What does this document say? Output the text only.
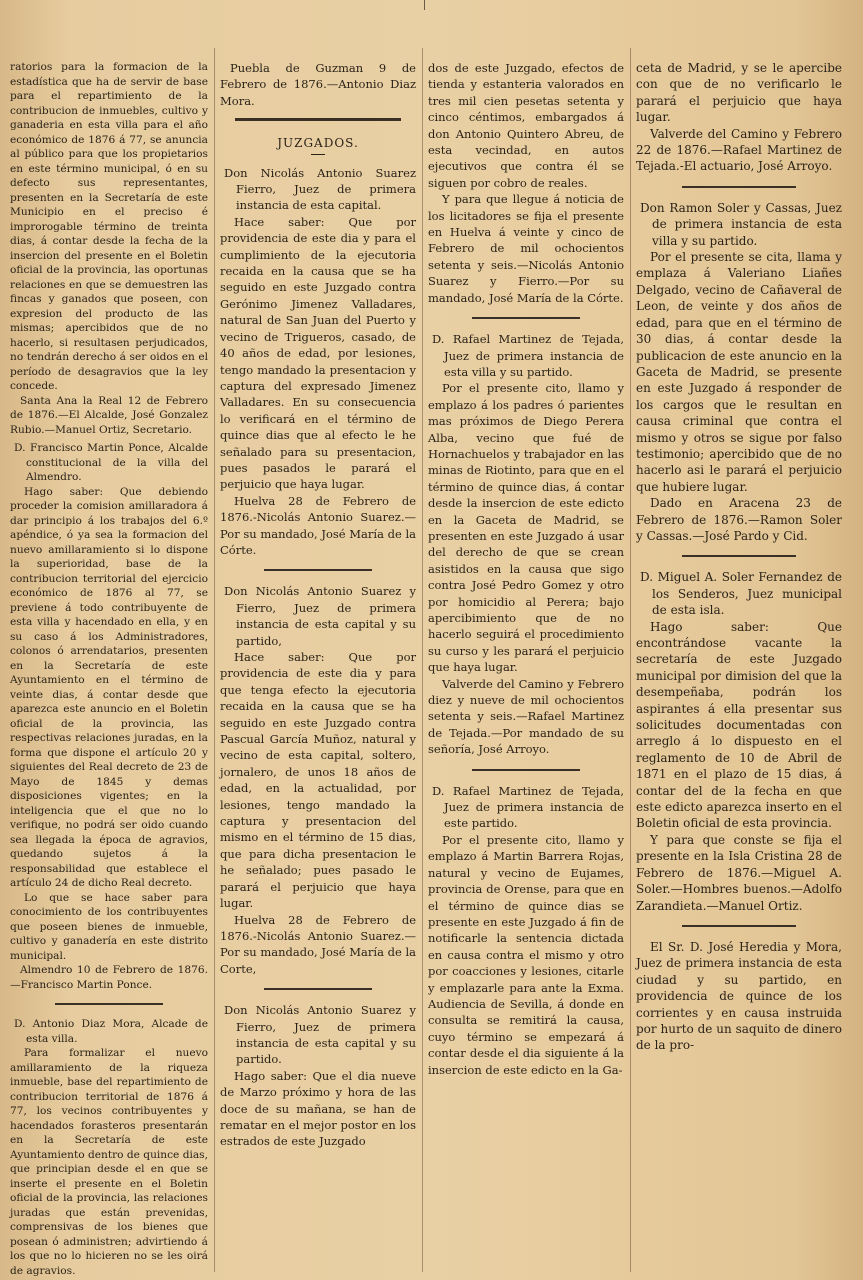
ratorios para la formacion de la estadística que ha de servir de base para el repartimiento de la contribucion de inmuebles, cultivo y ganaderia en esta villa para el año económico de 1876 á 77, se anuncia al público para que los propietarios en este término municipal, ó en su defecto sus representantes, presenten en la Secretaría de este Municipio en el preciso é improrogable término de treinta dias, á contar desde la fecha de la insercion del presente en el Boletin oficial de la provincia, las oportunas relaciones en que se demuestren las fincas y ganados que poseen, con expresion del producto de las mismas; apercibidos que de no hacerlo, si resultasen perjudicados, no tendrán derecho á ser oidos en el período de desagravios que la ley concede.

Santa Ana la Real 12 de Febrero de 1876.—El Alcalde, José Gonzalez Rubio.—Manuel Ortiz, Secretario.

D. Francisco Martin Ponce, Alcalde constitucional de la villa del Almendro.

Hago saber: Que debiendo proceder la comision amillaradora á dar principio á los trabajos del 6.º apéndice, ó ya sea la formacion del nuevo amillaramiento si lo dispone la superioridad, base de la contribucion territorial del ejercicio económico de 1876 al 77, se previene á todo contribuyente de esta villa y hacendado en ella, y en su caso á los Administradores, colonos ó arrendatarios, presenten en la Secretaría de este Ayuntamiento en el término de veinte dias, á contar desde que aparezca este anuncio en el Boletin oficial de la provincia, las respectivas relaciones juradas, en la forma que dispone el artículo 20 y siguientes del Real decreto de 23 de Mayo de 1845 y demas disposiciones vigentes; en la inteligencia que el que no lo verifique, no podrá ser oido cuando sea llegada la época de agravios, quedando sujetos á la responsabilidad que establece el artículo 24 de dicho Real decreto.

Lo que se hace saber para conocimiento de los contribuyentes que poseen bienes de inmueble, cultivo y ganadería en este distrito municipal.

Almendro 10 de Febrero de 1876. —Francisco Martin Ponce.

D. Antonio Diaz Mora, Alcade de esta villa.

Para formalizar el nuevo amillaramiento de la riqueza inmueble, base del repartimiento de contribucion territorial de 1876 á 77, los vecinos contribuyentes y hacendados forasteros presentarán en la Secretaría de este Ayuntamiento dentro de quince dias, que principian desde el en que se inserte el presente en el Boletin oficial de la provincia, las relaciones juradas que están prevenidas, comprensivas de los bienes que posean ó administren; advirtiendo á los que no lo hicieren no se les oirá de agravios.

Puebla de Guzman 9 de Febrero de 1876.—Antonio Diaz Mora.

JUZGADOS.

Don Nicolás Antonio Suarez Fierro, Juez de primera instancia de esta capital.

Hace saber: Que por providencia de este dia y para el cumplimiento de la ejecutoria recaida en la causa que se ha seguido en este Juzgado contra Gerónimo Jimenez Valladares, natural de San Juan del Puerto y vecino de Trigueros, casado, de 40 años de edad, por lesiones, tengo mandado la presentacion y captura del expresado Jimenez Valladares. En su consecuencia lo verificará en el término de quince dias que al efecto le he señalado para su presentacion, pues pasados le parará el perjuicio que haya lugar.

Huelva 28 de Febrero de 1876.-Nicolás Antonio Suarez.—Por su mandado, José María de la Córte.

Don Nicolás Antonio Suarez y Fierro, Juez de primera instancia de esta capital y su partido,

Hace saber: Que por providencia de este dia y para que tenga efecto la ejecutoria recaida en la causa que se ha seguido en este Juzgado contra Pascual García Muñoz, natural y vecino de esta capital, soltero, jornalero, de unos 18 años de edad, en la actualidad, por lesiones, tengo mandado la captura y presentacion del mismo en el término de 15 dias, que para dicha presentacion le he señalado; pues pasado le parará el perjuicio que haya lugar.

Huelva 28 de Febrero de 1876.-Nicolás Antonio Suarez.—Por su mandado, José María de la Corte,

Don Nicolás Antonio Suarez y Fierro, Juez de primera instancia de esta capital y su partido.

Hago saber: Que el dia nueve de Marzo próximo y hora de las doce de su mañana, se han de rematar en el mejor postor en los estrados de este Juzgado

dos de este Juzgado, efectos de tienda y estanteria valorados en tres mil cien pesetas setenta y cinco céntimos, embargados á don Antonio Quintero Abreu, de esta vecindad, en autos ejecutivos que contra él se siguen por cobro de reales.

Y para que llegue á noticia de los licitadores se fija el presente en Huelva á veinte y cinco de Febrero de mil ochocientos setenta y seis.—Nicolás Antonio Suarez y Fierro.—Por su mandado, José María de la Córte.

D. Rafael Martinez de Tejada, Juez de primera instancia de esta villa y su partido.

Por el presente cito, llamo y emplazo á los padres ó parientes mas próximos de Diego Perera Alba, vecino que fué de Hornachuelos y trabajador en las minas de Riotinto, para que en el término de quince dias, á contar desde la insercion de este edicto en la Gaceta de Madrid, se presenten en este Juzgado á usar del derecho de que se crean asistidos en la causa que sigo contra José Pedro Gomez y otro por homicidio al Perera; bajo apercibimiento que de no hacerlo seguirá el procedimiento su curso y les parará el perjuicio que haya lugar.

Valverde del Camino y Febrero diez y nueve de mil ochocientos setenta y seis.—Rafael Martinez de Tejada.—Por mandado de su señoría, José Arroyo.

D. Rafael Martinez de Tejada, Juez de primera instancia de este partido.

Por el presente cito, llamo y emplazo á Martin Barrera Rojas, natural y vecino de Eujames, provincia de Orense, para que en el término de quince dias se presente en este Juzgado á fin de notificarle la sentencia dictada en causa contra el mismo y otro por coacciones y lesiones, citarle y emplazarle para ante la Exma. Audiencia de Sevilla, á donde en consulta se remitirá la causa, cuyo término se empezará á contar desde el dia siguiente á la insercion de este edicto en la Ga-

ceta de Madrid, y se le apercibe con que de no verificarlo le parará el perjuicio que haya lugar.

Valverde del Camino y Febrero 22 de 1876.—Rafael Martinez de Tejada.-El actuario, José Arroyo.

Don Ramon Soler y Cassas, Juez de primera instancia de esta villa y su partido.

Por el presente se cita, llama y emplaza á Valeriano Liañes Delgado, vecino de Cañaveral de Leon, de veinte y dos años de edad, para que en el término de 30 dias, á contar desde la publicacion de este anuncio en la Gaceta de Madrid, se presente en este Juzgado á responder de los cargos que le resultan en causa criminal que contra el mismo y otros se sigue por falso testimonio; apercibido que de no hacerlo asi le parará el perjuicio que hubiere lugar.

Dado en Aracena 23 de Febrero de 1876.—Ramon Soler y Cassas.—José Pardo y Cid.

D. Miguel A. Soler Fernandez de los Senderos, Juez municipal de esta isla.

Hago saber: Que encontrándose vacante la secretaría de este Juzgado municipal por dimision del que la desempeñaba, podrán los aspirantes á ella presentar sus solicitudes documentadas con arreglo á lo dispuesto en el reglamento de 10 de Abril de 1871 en el plazo de 15 dias, á contar del de la fecha en que este edicto aparezca inserto en el Boletin oficial de esta provincia.

Y para que conste se fija el presente en la Isla Cristina 28 de Febrero de 1876.—Miguel A. Soler.—Hombres buenos.—Adolfo Zarandieta.—Manuel Ortiz.

El Sr. D. José Heredia y Mora, Juez de primera instancia de esta ciudad y su partido, en providencia de quince de los corrientes y en causa instruida por hurto de un saquito de dinero de la pro-
